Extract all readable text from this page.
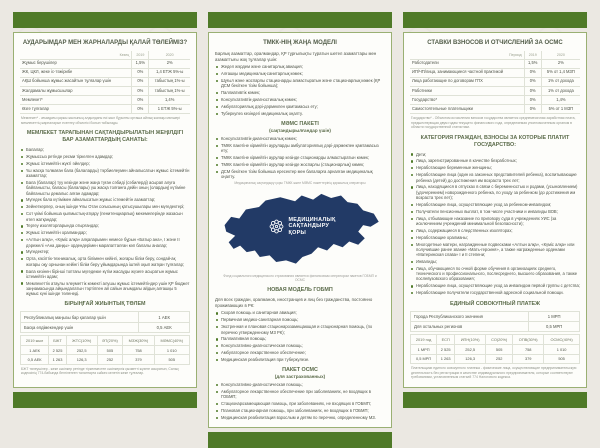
АУДАРЫМДАР МЕН ЖАРНАЛАРДЫ ҚАЛАЙ ТӨЛЕЙМІЗ?
Кезең	2019	2020
Жұмыс берушілер	1,5%	2%
ЖК, ЦКЛ, жеке іс-тәжірибе	0%	1,4 ЕТЖ 5%-ы
АҚШ бойынша жұмыс жасайтын тұлғалар үшін	0%	табыстың 1%-ы
Жалдамалы жұмысшылар	0%	табыстың 1%-ы
Мемлекет*	0%	1,4%
Өзге тұлғалар	0%	1 ЕТЖ 5%-ы
Мемлекет* - ағымдағы қаржы жылының алдындағы екі жыл бұрынғы орташа айлық жалақы мөлшері мемлекеттің жарналарын есептеу объектісі болып табылады.
МЕМЛЕКЕТ ТАРАПЫНАН САҚТАНДЫРЫЛАТЫН ЖЕҢІЛДІГІ БАР АЗАМАТТАРДЫҢ САНАТЫ:
Балалар;
Жұмыссыз ретінде ресми тіркелген адамдар;
Жұмыс істемейтін жүкті әйелдер;
Үш жасқа толмаған бала (балаларды) тәрбиелеумен айналысатын жұмыс істемейтін азаматтар;
Бала (балалар) туу кезінде және жаңа туған сәбиді (сәбилерді) асырап алуға байланысты, баласы (балалары) үш жасқа толғанға дейін оның (олардың) күтіміне байланысты демалыс алған адамдар;
Мүгедек бала күтімімен айналысатын жұмыс істемейтін азаматтар;
Зейнеткерлер, оның ішінде Ұлы Отан соғысының қатысушылары мен мүгедектері;
Сот үкімі бойынша қылмыстық-атқару (пенитенциарлық) мекемелерінде жазасын өтеп жатқандар;
Тергеу изоляторларында отырғандар;
Жұмыс істемейтін оралмандар;
«Алтын алқа», «Күміс алқа» алқаларымен немесе бұрын «Батыр ана», I және II дәрежелі «Ана даңқы» ордендерімен марапатталған көп балалы аналар;
Мүгедектер;
Орта, кәсіптік-техникалық, орта білімнен кейінгі, жоғары білім беру, сондай-ақ жоғары оқу орнынан кейінгі білім беру ұйымдарында іштей оқып жатқан тұлғалар;
Бала кезінен бірінші топтағы мүгедекке күтім жасауды жүзеге асыратын жұмыс істемейтін адам;
Мемлекеттік атаулы әлеуметтік көмекті алушы жұмыс істемейтіндер үшін ҚР бюджет заңнамасында айқындалатын тәртіппен ай сайын ағымдағы айдың алғашқы 5 жұмыс күні ішінде төленеді.
БІРЫҢҒАЙ ЖИЫНТЫҚ ТӨЛЕМ
Республикалық маңызы бар қалалар үшін	1 АЕК
Басқа елдімекендер үшін	0,5 АЕК
2019 жыл	БЖТ	ЖТС(10%)	ӘТ(20%)	МЗЖ(30%)	МӘМС(40%)
1 АЕК	2 525	252,5	505	758	1 010
0,5 АЕК	1 263	126,3	252	379	505
БЖТ төлеушілер - жеке кәсіпкер ретінде тіркелместен кәсіпкерлік қызметті жүзеге асыратын, Салық кодексінің 774-бабында белгіленген талаптарға сәйкес келетін жеке тұлғалар.
ТМКК-НІҢ ЖАҢА МОДЕЛІ
Барлық азаматтар, оралмандар, ҚР тұрғылықты тұратын шетел азаматтары мен азаматтығы жоқ тұлғалар үшін:
Жедел жәрдем және санитарлық авиация;
Алғашқы медициналық-санитарлық көмек;
Шұғыл және жоспарлы стационарды алмастыратын және стационарлық көмек (ҚР ДСМ бекіткен тізім бойынша);
Паллиативтік көмек;
Консультативтік-диагностикалық көмек;
Амбулаториялық дәрі-дәрмекпен қамтамасыз ету;
Туберкулез кезіндегі медициналық оңалту.
МӘМС ПАКЕТІ
(сақтандырылғандар үшін)
Консультативтік-диагностикалық көмек;
ТМКК пакетіне кірмейтін ауруларды амбулаториялық дәрі-дәрмекпен қамтамасыз ету;
ТМКК пакетіне кірмейтін аурулар кезінде стационарды алмастыратын көмек;
ТМКК пакетіне кірмейтін аурулар кезінде жоспарлы (стационарлық) көмек;
ДСМ бекіткен тізім бойынша ересектер мен балаларға арналған медициналық оңалту.
Медициналық сақтандыру қоры ТМКК және МӘМС пакеттерінің қаржылық операторы
МЕДИЦИНАЛЫҚ
САҚТАНДЫРУ
ҚОРЫ
Фонд социального медицинского страхования является финансовым оператором пакетов ГОБМП и ОСМС
НОВАЯ МОДЕЛЬ ГОБМП
Для всех граждан, оралманов, иностранцев и лиц без гражданства, постоянно проживающих в РК:
Скорая помощь и санитарная авиация;
Первичная медико-санитарная помощь;
Экстренная и плановая стационарозамещающая и стационарная помощь, (по перечню утвержденному МЗ РК);
Паллиативная помощь;
Консультативно-диагностическая помощь;
Амбулаторное лекарственное обеспечение;
Медицинская реабилитация при туберкулезе.
ПАКЕТ ОСМС
(для застрахованных)
Консультативно-диагностическая помощь;
Амбулаторное лекарственное обеспечение при заболеваниях, не входящих в ГОБМП;
Стационарозамещающая помощь, при заболеваниях, не входящих в ГОБМП;
Плановая стационарная помощь, при заболеваниях, не входящих в ГОБМП;
Медицинская реабилитация взрослым и детям по перечню, определенному МЗ.
СТАВКИ ВЗНОСОВ И ОТЧИСЛЕНИЙ ЗА ОСМС
Период	2019	2020
Работодатели	1,5%	2%
ИП/ЧП/лица, занимающиеся частной практикой	0%	5% от 1,4 МЗП
Лица работающие по договорам ГПХ	0%	1% от дохода
Работники	0%	1% от дохода
Государство*	0%	1,4%
Самостоятельные плательщики	0%	5% от 1 МЗП
Государство* - Объектом исчисления взносов государства является среднемесячная заработная плата, предшествующая двум годам текущего финансового года, определяемая уполномоченным органом в области государственной статистики.
КАТЕГОРИЯ ГРАЖДАН, ВЗНОСЫ ЗА КОТОРЫЕ ПЛАТИТ ГОСУДАРСТВО:
Дети;
Лица, зарегистрированные в качестве безработных;
Неработающие беременные женщины;
Неработающие лица (один из законных представителей ребенка), воспитывающие ребенка (детей) до достижения им возраста трех лет;
Лица, находящиеся в отпусках в связи с беременностью и родами, (усыновлением) (удочерением) новорожденного ребенка, по уходу за ребенком (до достижения им возраста трех лет);
Неработающие лица, осуществляющие уход за ребенком-инвалидом;
Получатели пенсионных выплат, в том числе участники и инвалиды ВОВ;
Лица, отбывающие наказание по приговору суда в учреждениях УИС (за исключением учреждений минимальной безопасности);
Лица, содержащиеся в следственных изоляторах;
Неработающие оралманы;
Многодетные матери, награжденные подвесками «Алтын алқа», «Күміс алқа» или получившие ранее звание «Мать-героиня», а также награжденные орденами «Материнская слава» I и II степени;
Инвалиды;
Лица, обучающиеся по очной форме обучения в организациях среднего, технического и профессионального, послесреднего, высшего образования, а также послевузовского образования;
Неработающие лица, осуществляющие уход за инвалидом первой группы с детства;
Неработающие получатели государственной адресной социальной помощи.
ЕДИНЫЙ СОВОКУПНЫЙ ПЛАТЕЖ
Города Республиканского значения	1 МРП
Для остальных регионов	0,5 МРП
2019 год	ЕСП	ИПН(10%)	СО(20%)	ОПВ(30%)	ОСМС(40%)
1 МРП	2 525	252,5	505	758	1 010
0,5 МРП	1 263	126,3	252	379	505
Плательщики единого совокупного платежа - физические лица, осуществляющие предпринимательскую деятельность без регистрации в качестве индивидуального предпринимателя, которые соответствуют требованиям, установленным статьей 774 Налогового кодекса.
